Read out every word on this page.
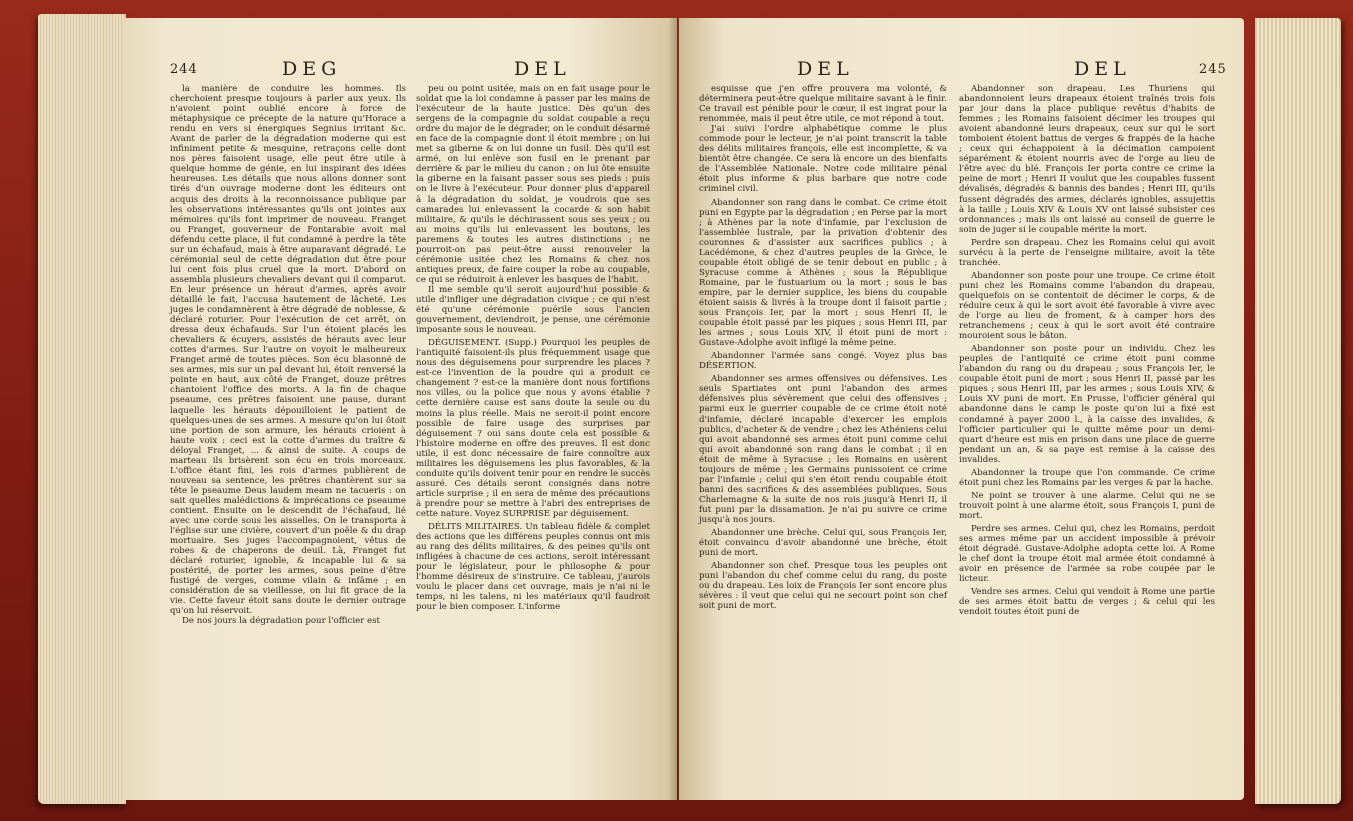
244	DEG	DEL

la manière de conduire les hommes. Ils cherchoient presque toujours à parler aux yeux. Ils n'avoient point oublié encore à force de métaphysique ce précepte de la nature qu'Horace a rendu en vers si énergiques Segnius irritant &c. Avant de parler de la dégradation moderne qui est infiniment petite & mesquine, retraçons celle dont nos pères faisoient usage, elle peut être utile à quelque homme de génie, en lui inspirant des idées heureuses. Les détails que nous allons donner sont tirés d'un ouvrage moderne dont les éditeurs ont acquis des droits à la reconnoissance publique par les observations intéressantes qu'ils ont jointes aux mémoires qu'ils font imprimer de nouveau. Franget ou Franget, gouverneur de Fontarabie avoit mal défendu cette place, il fut condamné à perdre la tête sur un échafaud, mais à être auparavant dégradé. Le cérémonial seul de cette dégradation dut être pour lui cent fois plus cruel que la mort. D'abord on assembla plusieurs chevaliers devant qui il comparut. En leur présence un héraut d'armes, après avoir détaillé le fait, l'accusa hautement de lâcheté. Les juges le condamnèrent à être dégradé de noblesse, & déclaré roturier. Pour l'exécution de cet arrêt, on dressa deux échafauds. Sur l'un étoient placés les chevaliers & écuyers, assistés de hérauts avec leur cottes d'armes. Sur l'autre on voyoit le malheureux Franget armé de toutes pièces. Son écu blasonné de ses armes, mis sur un pal devant lui, étoit renversé la pointe en haut, aux côté de Franget, douze prêtres chantoient l'office des morts. A la fin de chaque pseaume, ces prêtres faisoient une pause, durant laquelle les hérauts dépouilloient le patient de quelques-unes de ses armes. A mesure qu'on lui ôtoit une portion de son armure, les hérauts crioient à haute voix : ceci est la cotte d'armes du traître & déloyal Franget, ... & ainsi de suite. A coups de marteau ils brisèrent son écu en trois morceaux. L'office étant fini, les rois d'armes publièrent de nouveau sa sentence, les prêtres chantèrent sur sa tête le pseaume Deus laudem meam ne tacueris : on sait quelles malédictions & imprécations ce pseaume contient. Ensuite on le descendit de l'échafaud, lié avec une corde sous les aisselles. On le transporta à l'église sur une civière, couvert d'un poêle & du drap mortuaire. Ses juges l'accompagnoient, vêtus de robes & de chaperons de deuil. Là, Franget fut déclaré roturier, ignoble, & incapable lui & sa postérité, de porter les armes, sous peine d'être fustigé de verges, comme vilain & infâme ; en considération de sa vieillesse, on lui fit grace de la vie. Cette faveur étoit sans doute le dernier outrage qu'on lui réservoit.

De nos jours la dégradation pour l'officier est

peu ou point usitée, mais on en fait usage pour le soldat que la loi condamne à passer par les mains de l'exécuteur de la haute justice. Dès qu'un des sergens de la compagnie du soldat coupable a reçu ordre du major de le dégrader, on le conduit désarmé en face de la compagnie dont il étoit membre ; on lui met sa giberne & on lui donne un fusil. Dès qu'il est armé, on lui enlève son fusil en le prenant par derrière & par le milieu du canon ; on lui ôte ensuite la giberne en la faisant passer sous ses pieds : puis on le livre à l'exécuteur. Pour donner plus d'appareil à la dégradation du soldat, je voudrois que ses camarades lui enlevassent la cocarde & son habit militaire, & qu'ils le déchirassent sous ses yeux ; ou au moins qu'ils lui enlevassent les boutons, les paremens & toutes les autres distinctions ; ne pourroit-on pas peut-être aussi renouveler la cérémonie usitée chez les Romains & chez nos antiques preux, de faire couper la robe au coupable, ce qui se réduiroit à enlever les basques de l'habit.

Il me semble qu'il seroit aujourd'hui possible & utile d'infliger une dégradation civique ; ce qui n'est été qu'une cérémonie puérile sous l'ancien gouvernement, deviendroit, je pense, une cérémonie imposante sous le nouveau.

DÉGUISEMENT. (Supp.) Pourquoi les peuples de l'antiquité faisoient-ils plus fréquemment usage que nous des déguisemens pour surprendre les places ? est-ce l'invention de la poudre qui a produit ce changement ? est-ce la manière dont nous fortifions nos villes, ou la police que nous y avons établie ? cette dernière cause est sans doute la seule ou du moins la plus réelle. Mais ne seroit-il point encore possible de faire usage des surprises par déguisement ? oui sans doute cela est possible & l'histoire moderne en offre des preuves. Il est donc utile, il est donc nécessaire de faire connoître aux militaires les déguisemens les plus favorables, & la conduite qu'ils doivent tenir pour en rendre le succès assuré. Ces détails seront consignés dans notre article surprise ; il en sera de même des précautions à prendre pour se mettre à l'abri des entreprises de cette nature. Voyez SURPRISE par déguisement.

DÉLITS MILITAIRES. Un tableau fidèle & complet des actions que les différens peuples connus ont mis au rang des délits militaires, & des peines qu'ils ont infligées à chacune de ces actions, seroit intéressant pour le législateur, pour le philosophe & pour l'homme désireux de s'instruire. Ce tableau, j'aurois voulu le placer dans cet ouvrage, mais je n'ai ni le temps, ni les talens, ni les matériaux qu'il faudroit pour le bien composer. L'informe

DEL	DEL	245

esquisse que j'en offre prouvera ma volonté, & déterminera peut-être quelque militaire savant à le finir. Ce travail est pénible pour le cœur, il est ingrat pour la renommée, mais il peut être utile, ce mot répond à tout.

J'ai suivi l'ordre alphabétique comme le plus commode pour le lecteur, je n'ai point transcrit la table des délits militaires françois, elle est incomplette, & va bientôt être changée. Ce sera là encore un des bienfaits de l'Assemblée Nationale. Notre code militaire pénal étoit plus informe & plus barbare que notre code criminel civil.

Abandonner son rang dans le combat. Ce crime étoit puni en Egypte par la dégradation ; en Perse par la mort ; à Athènes par la note d'infamie, par l'exclusion de l'assemblée lustrale, par la privation d'obtenir des couronnes & d'assister aux sacrifices publics ; à Lacédémone, & chez d'autres peuples de la Grèce, le coupable étoit obligé de se tenir debout en public ; à Syracuse comme à Athènes ; sous la République Romaine, par le fustuarium ou la mort ; sous le bas empire, par le dernier supplice, les biens du coupable étoient saisis & livrés à la troupe dont il faisoit partie ; sous François Ier, par la mort ; sous Henri II, le coupable étoit passé par les piques ; sous Henri III, par les armes ; sous Louis XIV, il étoit puni de mort : Gustave-Adolphe avoit infligé la même peine.

Abandonner l'armée sans congé. Voyez plus bas DÉSERTION.

Abandonner ses armes offensives ou défensives. Les seuls Spartiates ont puni l'abandon des armes défensives plus sévèrement que celui des offensives ; parmi eux le guerrier coupable de ce crime étoit noté d'infamie, déclaré incapable d'exercer les emplois publics, d'acheter & de vendre ; chez les Athéniens celui qui avoit abandonné ses armes étoit puni comme celui qui avoit abandonné son rang dans le combat ; il en étoit de même à Syracuse ; les Romains en usèrent toujours de même ; les Germains punissoient ce crime par l'infamie ; celui qui s'en étoit rendu coupable étoit banni des sacrifices & des assemblées publiques. Sous Charlemagne & la suite de nos rois jusqu'à Henri II, il fut puni par la dissamation. Je n'ai pu suivre ce crime jusqu'à nos jours.

Abandonner une brèche. Celui qui, sous François Ier, étoit convaincu d'avoir abandonné une brèche, étoit puni de mort.

Abandonner son chef. Presque tous les peuples ont puni l'abandon du chef comme celui du rang, du poste ou du drapeau. Les loix de François Ier sont encore plus sévères : il veut que celui qui ne secourt point son chef soit puni de mort.

Abandonner son drapeau. Les Thuriens qui abandonnoient leurs drapeaux étoient traînés trois fois par jour dans la place publique revêtus d'habits de femmes ; les Romains faisoient décimer les troupes qui avoient abandonné leurs drapeaux, ceux sur qui le sort tomboient étoient battus de verges & frappés de la hache ; ceux qui échappoient à la décimation campoient séparément & étoient nourris avec de l'orge au lieu de l'être avec du blé. François Ier porta contre ce crime la peine de mort ; Henri II voulut que les coupables fussent dévalisés, dégradés & bannis des bandes ; Henri III, qu'ils fussent dégradés des armes, déclarés ignobles, assujettis à la taille ; Louis XIV & Louis XV ont laissé subsister ces ordonnances ; mais ils ont laissé au conseil de guerre le soin de juger si le coupable mérite la mort.

Perdre son drapeau. Chez les Romains celui qui avoit survécu à la perte de l'enseigne militaire, avoit la tête tranchée.

Abandonner son poste pour une troupe. Ce crime étoit puni chez les Romains comme l'abandon du drapeau, quelquefois on se contentoit de décimer le corps, & de réduire ceux à qui le sort avoit été favorable à vivre avec de l'orge au lieu de froment, & à camper hors des retranchemens ; ceux à qui le sort avoit été contraire mouroient sous le bâton.

Abandonner son poste pour un individu. Chez les peuples de l'antiquité ce crime étoit puni comme l'abandon du rang ou du drapeau ; sous François Ier, le coupable étoit puni de mort ; sous Henri II, passé par les piques ; sous Henri III, par les armes ; sous Louis XIV, & Louis XV puni de mort. En Prusse, l'officier général qui abandonne dans le camp le poste qu'on lui a fixé est condamné à payer 2000 l., à la caisse des invalides, & l'officier particulier qui le quitte même pour un demi-quart d'heure est mis en prison dans une place de guerre pendant un an, & sa paye est remise à la caisse des invalides.

Abandonner la troupe que l'on commande. Ce crime étoit puni chez les Romains par les verges & par la hache.

Ne point se trouver à une alarme. Celui qui ne se trouvoit point à une alarme étoit, sous François I, puni de mort.

Perdre ses armes. Celui qui, chez les Romains, perdoit ses armes même par un accident impossible à prévoir étoit dégradé. Gustave-Adolphe adopta cette loi. A Rome le chef dont la troupe étoit mal armée étoit condamné à avoir en présence de l'armée sa robe coupée par le licteur.

Vendre ses armes. Celui qui vendoit à Rome une partie de ses armes étoit battu de verges ; & celui qui les vendoit toutes étoit puni de
